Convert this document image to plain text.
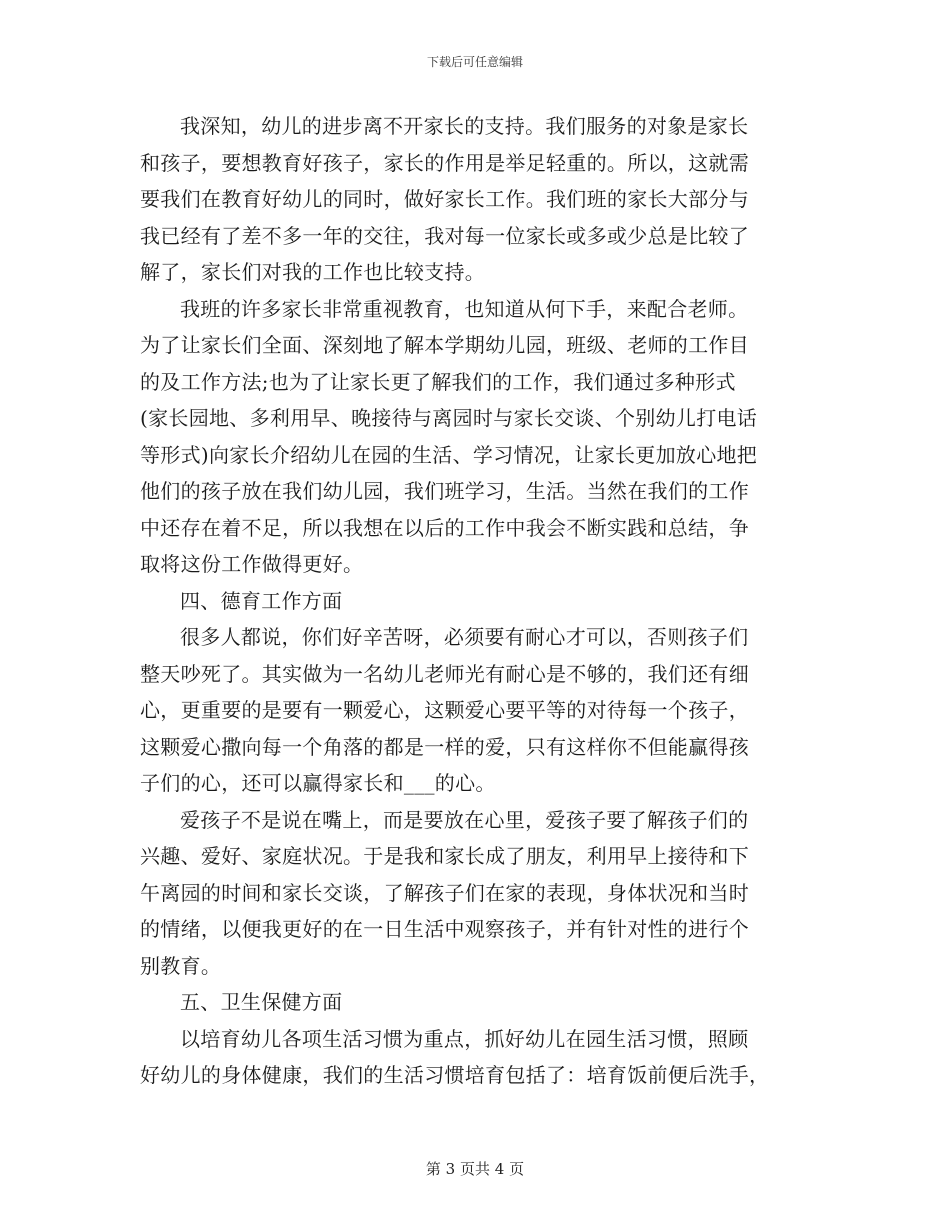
下载后可任意编辑
我深知，幼儿的进步离不开家长的支持。我们服务的对象是家长
和孩子，要想教育好孩子，家长的作用是举足轻重的。所以，这就需
要我们在教育好幼儿的同时，做好家长工作。我们班的家长大部分与
我已经有了差不多一年的交往，我对每一位家长或多或少总是比较了
解了，家长们对我的工作也比较支持。
我班的许多家长非常重视教育，也知道从何下手，来配合老师。
为了让家长们全面、深刻地了解本学期幼儿园，班级、老师的工作目
的及工作方法;也为了让家长更了解我们的工作，我们通过多种形式
(家长园地、多利用早、晚接待与离园时与家长交谈、个别幼儿打电话
等形式)向家长介绍幼儿在园的生活、学习情况，让家长更加放心地把
他们的孩子放在我们幼儿园，我们班学习，生活。当然在我们的工作
中还存在着不足，所以我想在以后的工作中我会不断实践和总结，争
取将这份工作做得更好。
四、德育工作方面
很多人都说，你们好辛苦呀，必须要有耐心才可以，否则孩子们
整天吵死了。其实做为一名幼儿老师光有耐心是不够的，我们还有细
心，更重要的是要有一颗爱心，这颗爱心要平等的对待每一个孩子，
这颗爱心撒向每一个角落的都是一样的爱，只有这样你不但能赢得孩
子们的心，还可以赢得家长和___的心。
爱孩子不是说在嘴上，而是要放在心里，爱孩子要了解孩子们的
兴趣、爱好、家庭状况。于是我和家长成了朋友，利用早上接待和下
午离园的时间和家长交谈，了解孩子们在家的表现，身体状况和当时
的情绪，以便我更好的在一日生活中观察孩子，并有针对性的进行个
别教育。
五、卫生保健方面
以培育幼儿各项生活习惯为重点，抓好幼儿在园生活习惯，照顾
好幼儿的身体健康，我们的生活习惯培育包括了：培育饭前便后洗手，
第 3 页共 4 页
